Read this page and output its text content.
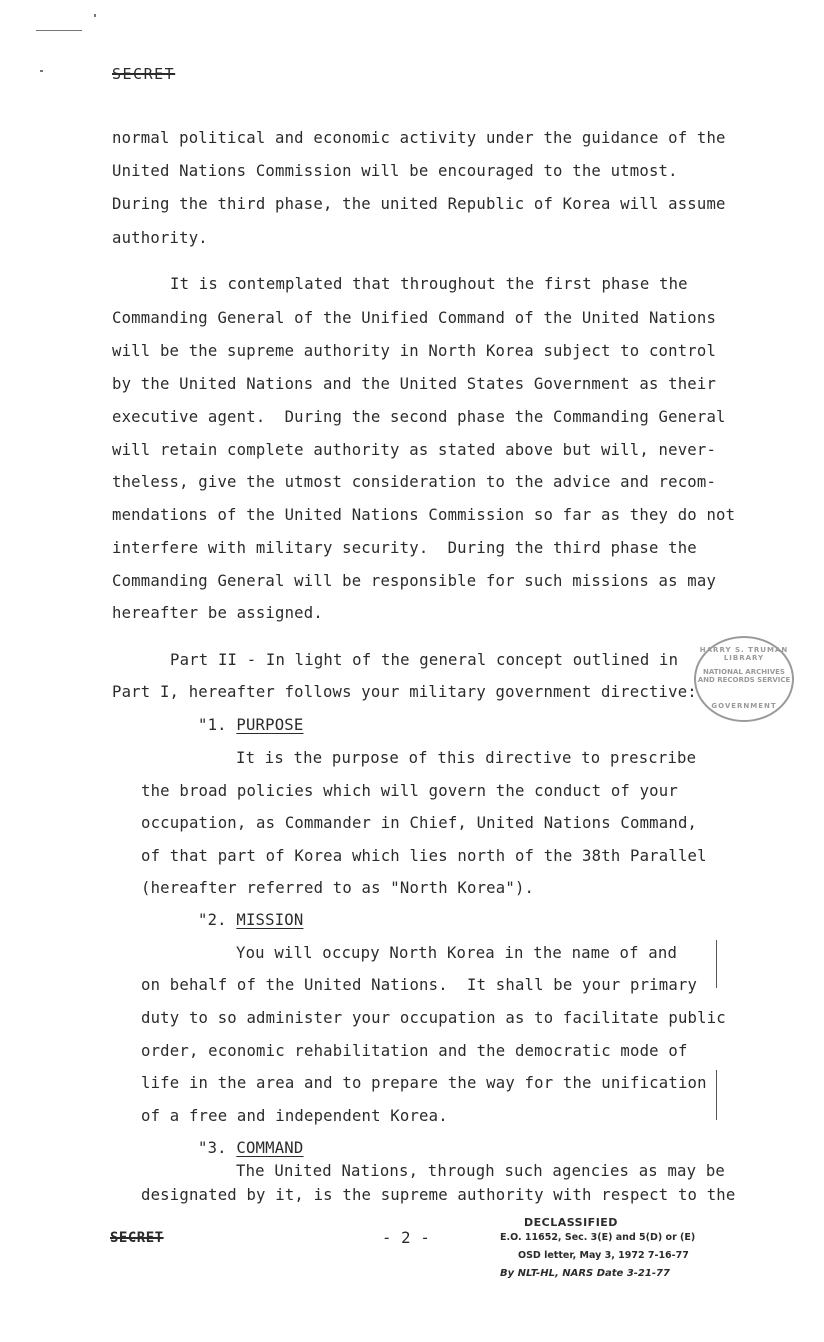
SECRET
normal political and economic activity under the guidance of the
United Nations Commission will be encouraged to the utmost.
During the third phase, the united Republic of Korea will assume
authority.
It is contemplated that throughout the first phase the
Commanding General of the Unified Command of the United Nations
will be the supreme authority in North Korea subject to control
by the United Nations and the United States Government as their
executive agent.  During the second phase the Commanding General
will retain complete authority as stated above but will, never-
theless, give the utmost consideration to the advice and recom-
mendations of the United Nations Commission so far as they do not
interfere with military security.  During the third phase the
Commanding General will be responsible for such missions as may
hereafter be assigned.
Part II - In light of the general concept outlined in
Part I, hereafter follows your military government directive:
"1. PURPOSE
It is the purpose of this directive to prescribe
the broad policies which will govern the conduct of your
occupation, as Commander in Chief, United Nations Command,
of that part of Korea which lies north of the 38th Parallel
(hereafter referred to as "North Korea").
"2. MISSION
You will occupy North Korea in the name of and
on behalf of the United Nations.  It shall be your primary
duty to so administer your occupation as to facilitate public
order, economic rehabilitation and the democratic mode of
life in the area and to prepare the way for the unification
of a free and independent Korea.
"3. COMMAND
The United Nations, through such agencies as may be
designated by it, is the supreme authority with respect to the
SECRET	- 2 -
DECLASSIFIED
E.O. 11652, Sec. 3(E) and 5(D) or (E)
OSD letter, May 3, 1972 7-16-77
By NLT-HL, NARS Date 3-21-77
HARRY S. TRUMAN LIBRARY
NATIONAL ARCHIVES AND RECORDS SERVICE
GOVERNMENT
